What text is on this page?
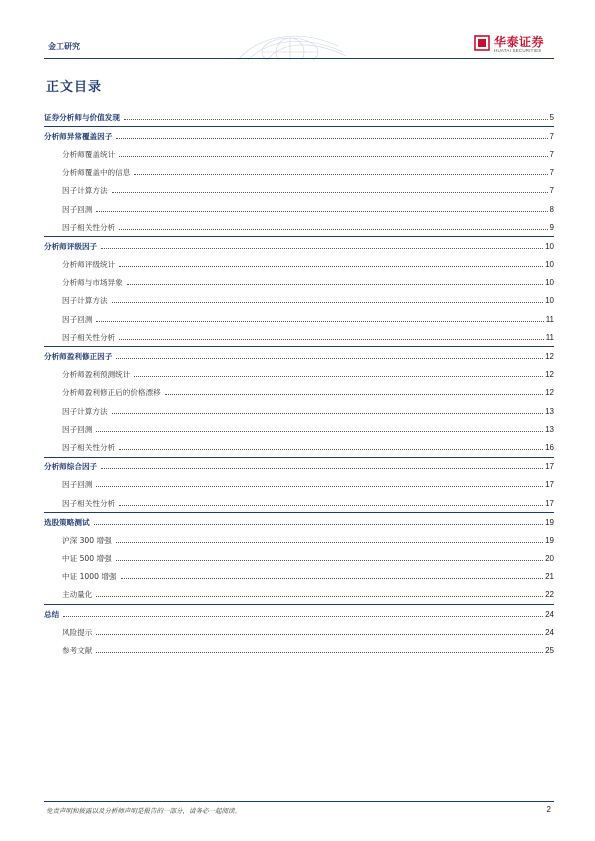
金工研究	华泰证券
HUATAI SECURITIES
正文目录
证券分析师与价值发现	5
分析师异常覆盖因子	7
分析师覆盖统计	7
分析师覆盖中的信息	7
因子计算方法	7
因子回测	8
因子相关性分析	9
分析师评级因子	10
分析师评级统计	10
分析师与市场异象	10
因子计算方法	10
因子回测	11
因子相关性分析	11
分析师盈利修正因子	12
分析师盈利预测统计	12
分析师盈利修正后的价格漂移	12
因子计算方法	13
因子回测	13
因子相关性分析	16
分析师综合因子	17
因子回测	17
因子相关性分析	17
选股策略测试	19
沪深 300 增强	19
中证 500 增强	20
中证 1000 增强	21
主动量化	22
总结	24
风险提示	24
参考文献	25
免责声明和披露以及分析师声明是报告的一部分，请务必一起阅读。	2
